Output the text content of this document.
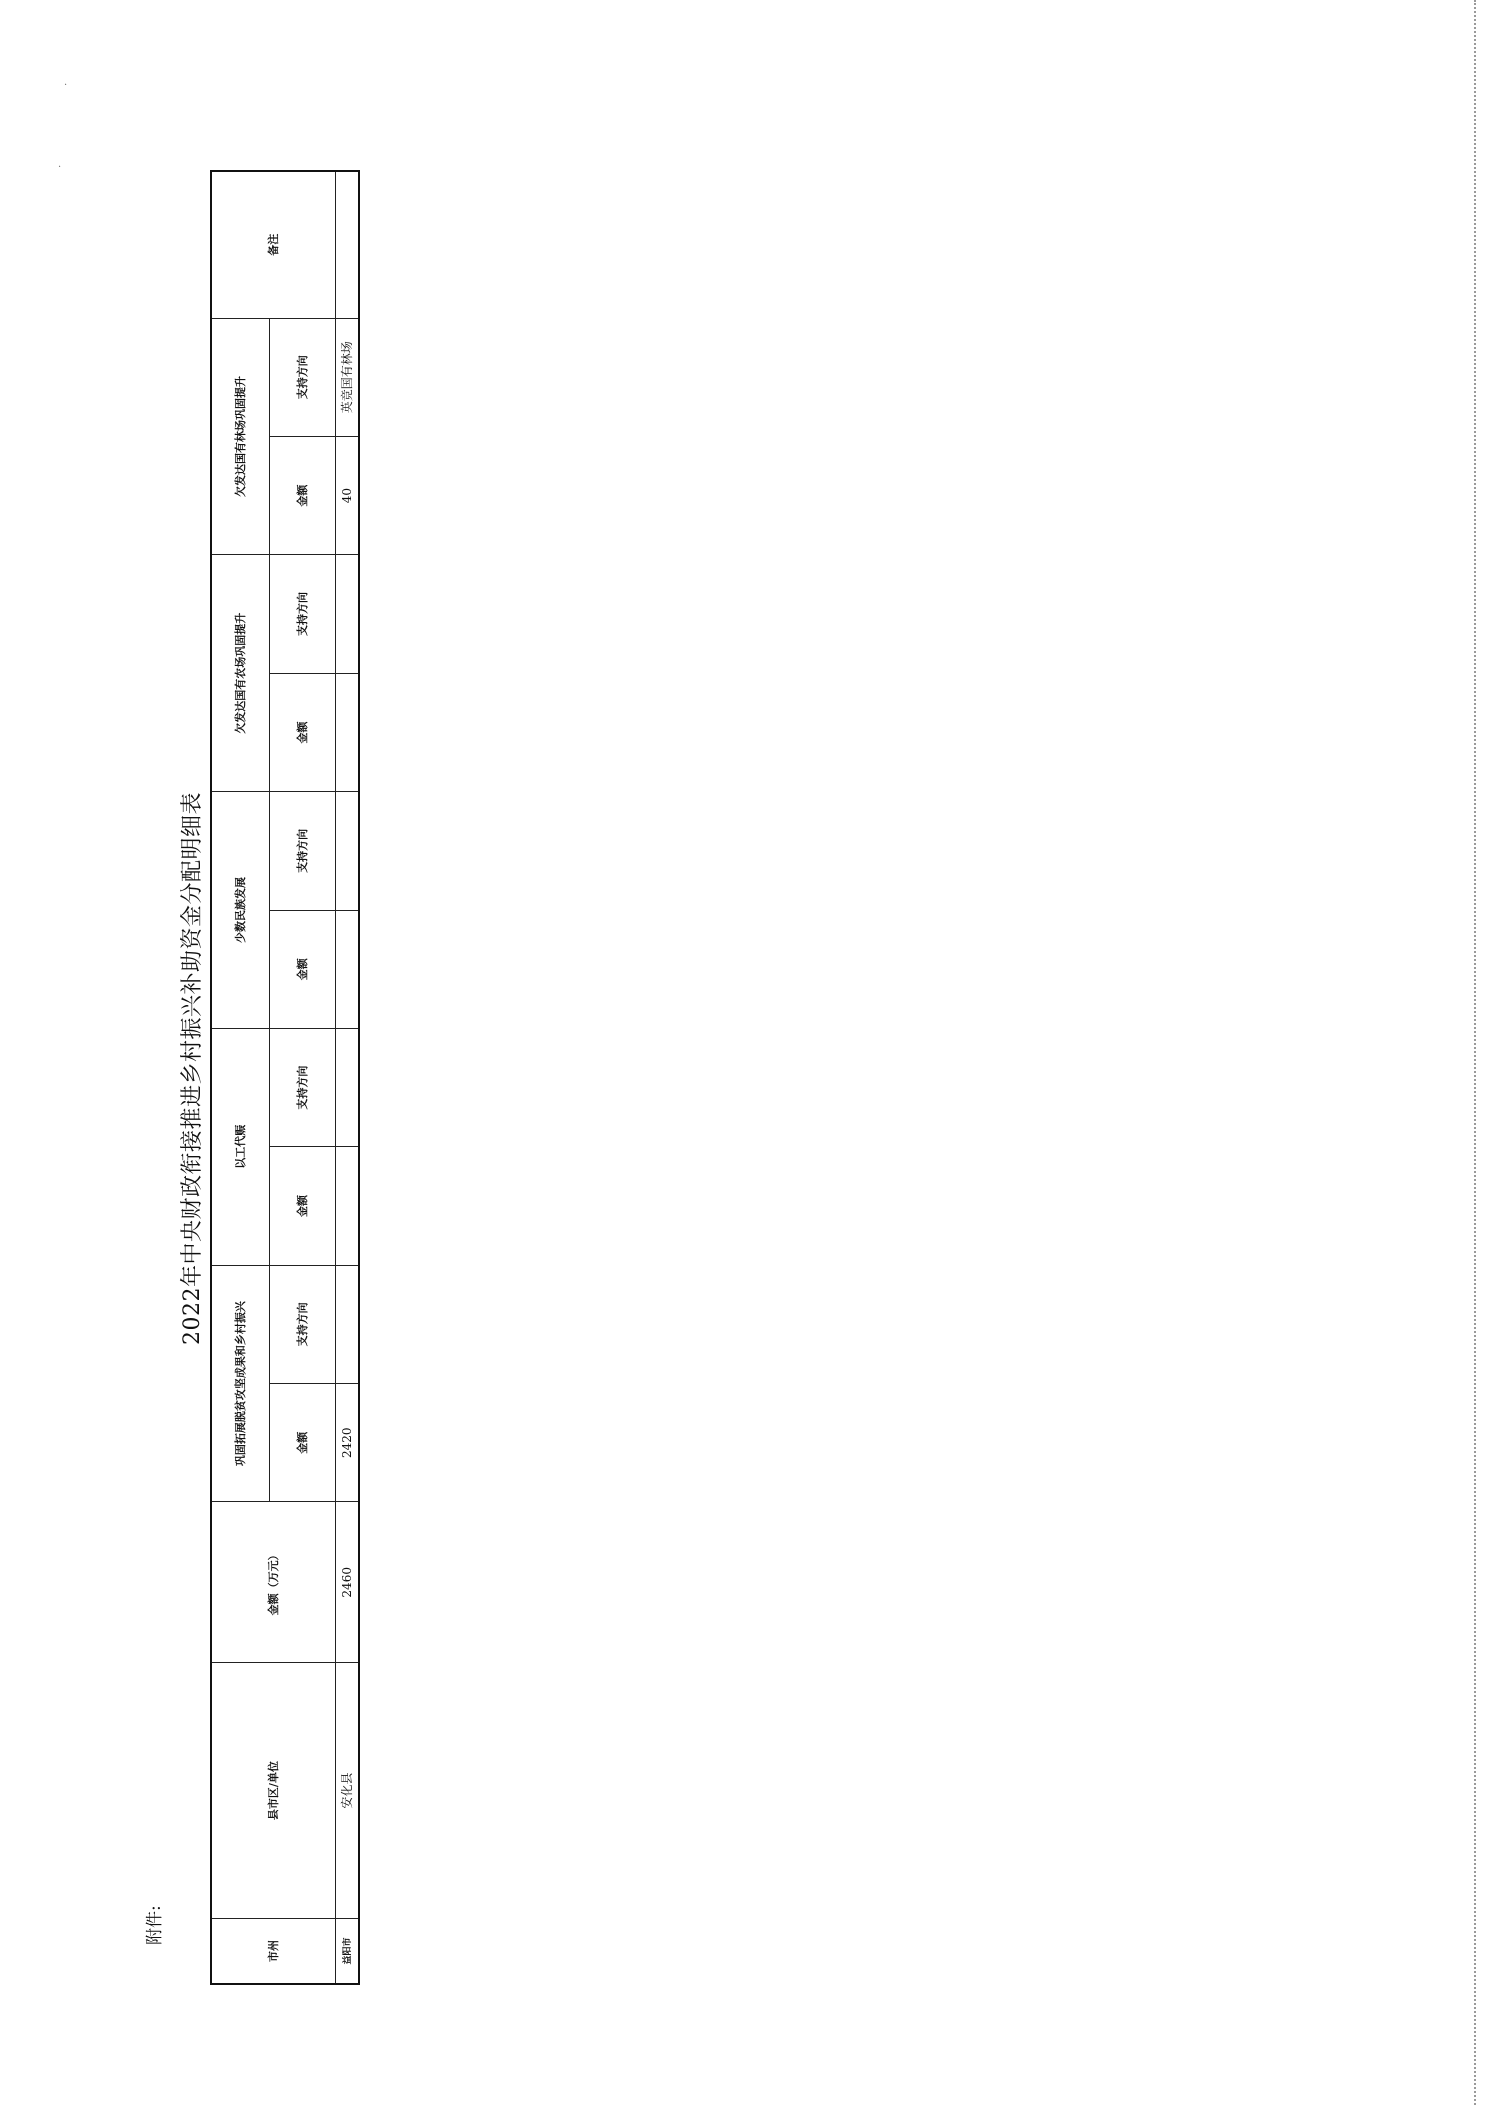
·
·
附件:
2022年中央财政衔接推进乡村振兴补助资金分配明细表
市州	县市区/单位	金额（万元）	巩固拓展脱贫攻坚成果和乡村振兴		以工代赈		少数民族发展		欠发达国有农场巩固提升		欠发达国有林场巩固提升		备注
			金额	支持方向	金额	支持方向	金额	支持方向	金额	支持方向	金额	支持方向	
益阳市	安化县	2460	2420								40	英竞国有林场	
